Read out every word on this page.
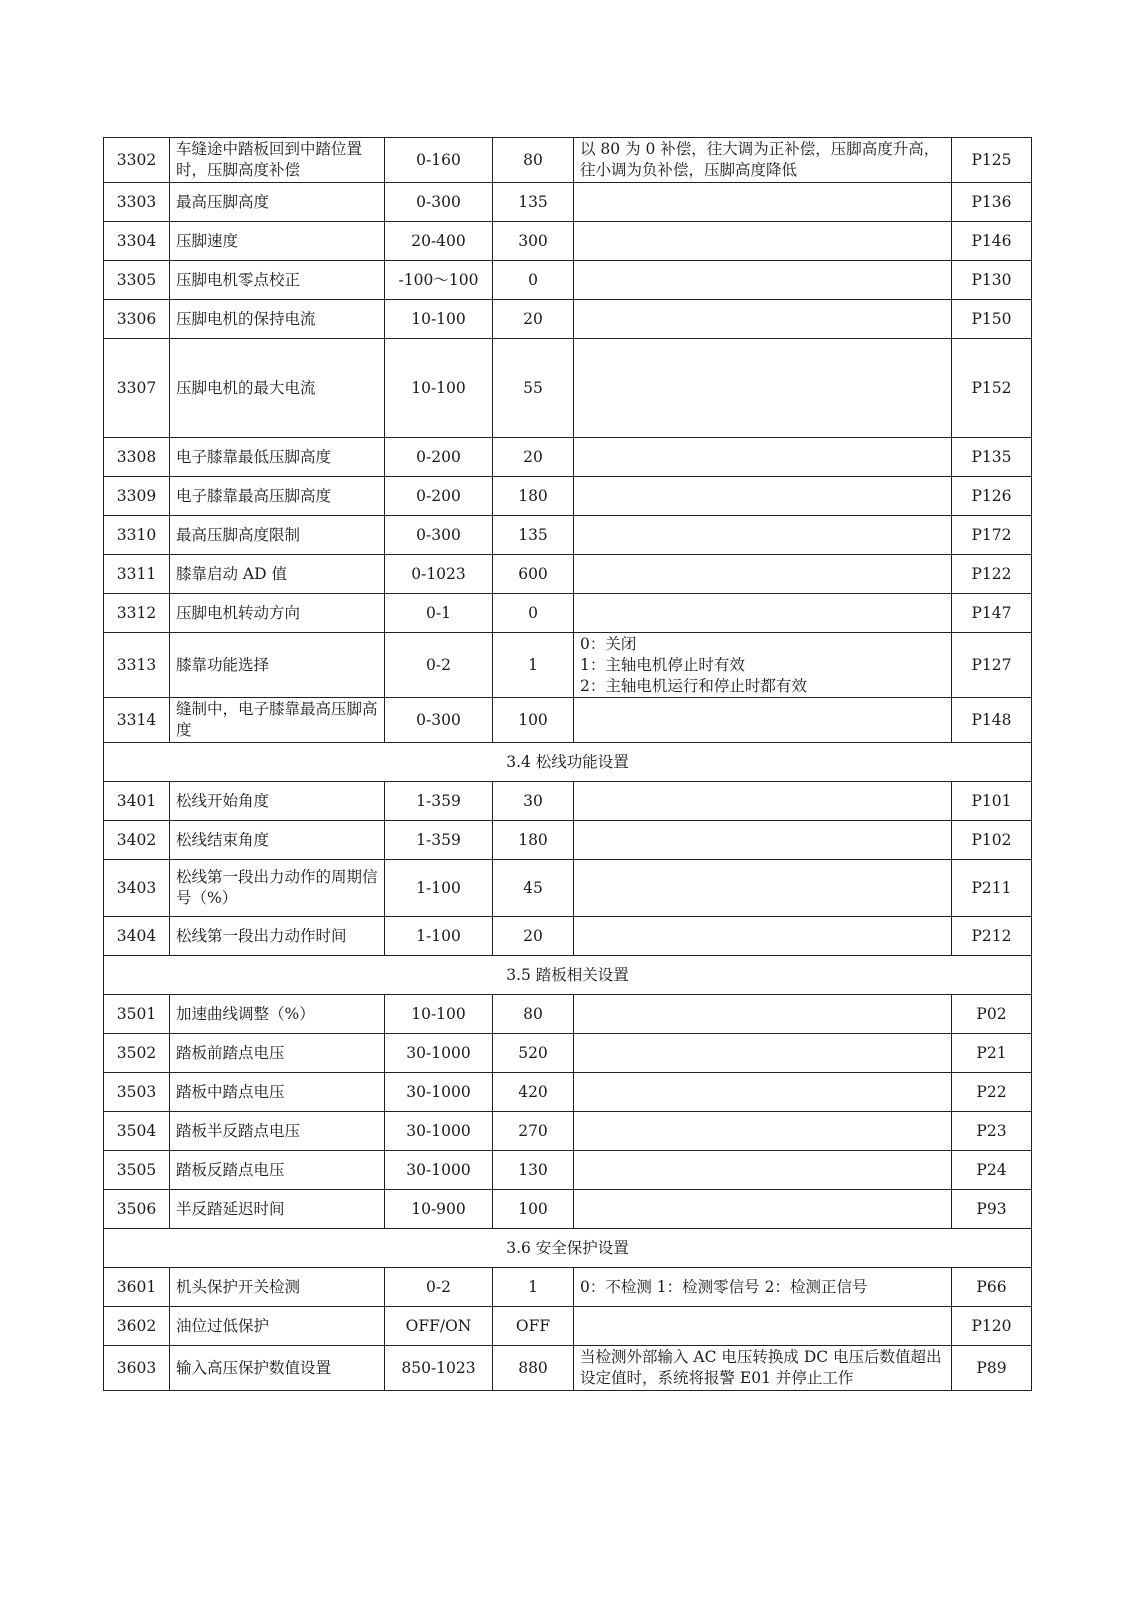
3302	车缝途中踏板回到中踏位置时，压脚高度补偿	0-160	80	以 80 为 0 补偿，往大调为正补偿，压脚高度升高，往小调为负补偿，压脚高度降低	P125
3303	最高压脚高度	0-300	135		P136
3304	压脚速度	20-400	300		P146
3305	压脚电机零点校正	-100～100	0		P130
3306	压脚电机的保持电流	10-100	20		P150
3307	压脚电机的最大电流	10-100	55		P152
3308	电子膝靠最低压脚高度	0-200	20		P135
3309	电子膝靠最高压脚高度	0-200	180		P126
3310	最高压脚高度限制	0-300	135		P172
3311	膝靠启动 AD 值	0-1023	600		P122
3312	压脚电机转动方向	0-1	0		P147
3313	膝靠功能选择	0-2	1	0：关闭
1：主轴电机停止时有效
2：主轴电机运行和停止时都有效	P127
3314	缝制中，电子膝靠最高压脚高度	0-300	100		P148
3.4 松线功能设置					
3401	松线开始角度	1-359	30		P101
3402	松线结束角度	1-359	180		P102
3403	松线第一段出力动作的周期信号（%）	1-100	45		P211
3404	松线第一段出力动作时间	1-100	20		P212
3.5 踏板相关设置					
3501	加速曲线调整（%）	10-100	80		P02
3502	踏板前踏点电压	30-1000	520		P21
3503	踏板中踏点电压	30-1000	420		P22
3504	踏板半反踏点电压	30-1000	270		P23
3505	踏板反踏点电压	30-1000	130		P24
3506	半反踏延迟时间	10-900	100		P93
3.6 安全保护设置					
3601	机头保护开关检测	0-2	1	0：不检测 1：检测零信号 2：检测正信号	P66
3602	油位过低保护	OFF/ON	OFF		P120
3603	输入高压保护数值设置	850-1023	880	当检测外部输入 AC 电压转换成 DC 电压后数值超出设定值时，系统将报警 E01 并停止工作	P89
